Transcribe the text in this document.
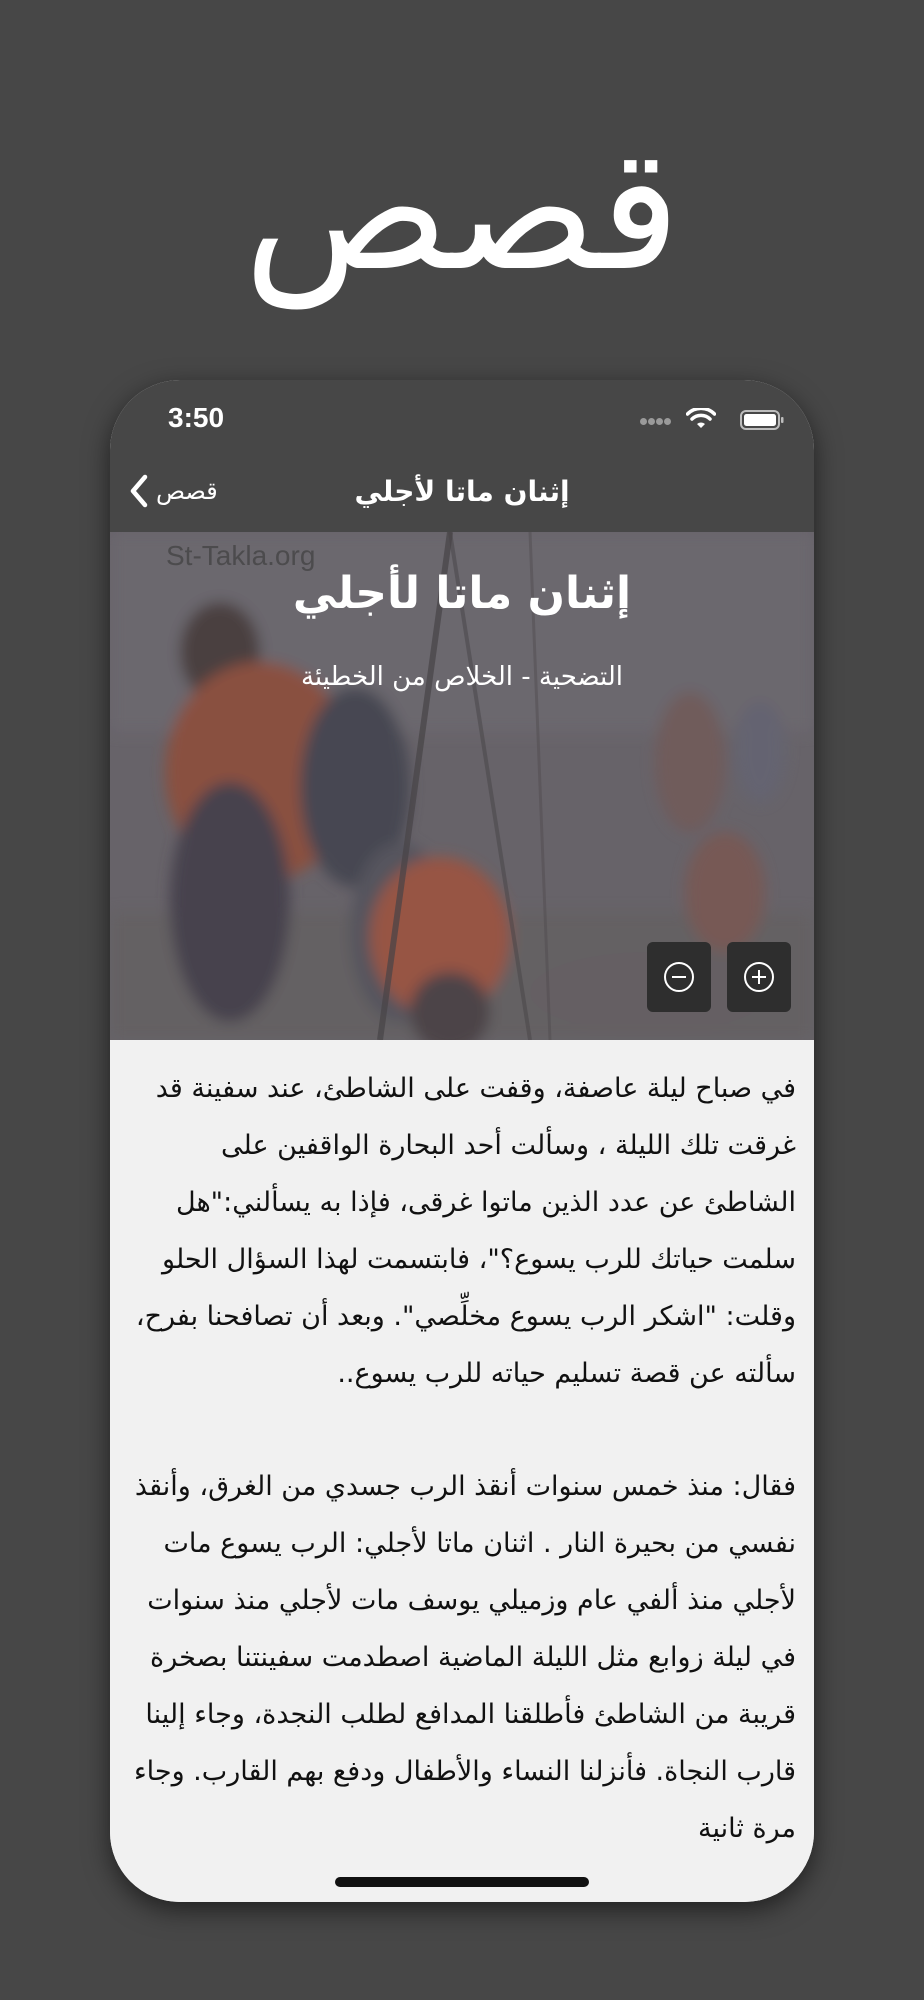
قصص
3:50
إثنان ماتا لأجلي
قصص
St-Takla.org
إثنان ماتا لأجلي
التضحية - الخلاص من الخطيئة

في صباح ليلة عاصفة، وقفت على الشاطئ، عند سفينة قد غرقت تلك الليلة ، وسألت أحد البحارة الواقفين على الشاطئ عن عدد الذين ماتوا غرقى، فإذا به يسألني:"هل سلمت حياتك للرب يسوع؟"، فابتسمت لهذا السؤال الحلو وقلت: "اشكر الرب يسوع مخلِّصي". وبعد أن تصافحنا بفرح، سألته عن قصة تسليم حياته للرب يسوع..

فقال: منذ خمس سنوات أنقذ الرب جسدي من الغرق، وأنقذ نفسي من بحيرة النار . اثنان ماتا لأجلي: الرب يسوع مات لأجلي منذ ألفي عام وزميلي يوسف مات لأجلي منذ سنوات في ليلة زوابع مثل الليلة الماضية اصطدمت سفينتنا بصخرة قريبة من الشاطئ فأطلقنا المدافع لطلب النجدة، وجاء إلينا قارب النجاة. فأنزلنا النساء والأطفال ودفع بهم القارب. وجاء مرة ثانية
